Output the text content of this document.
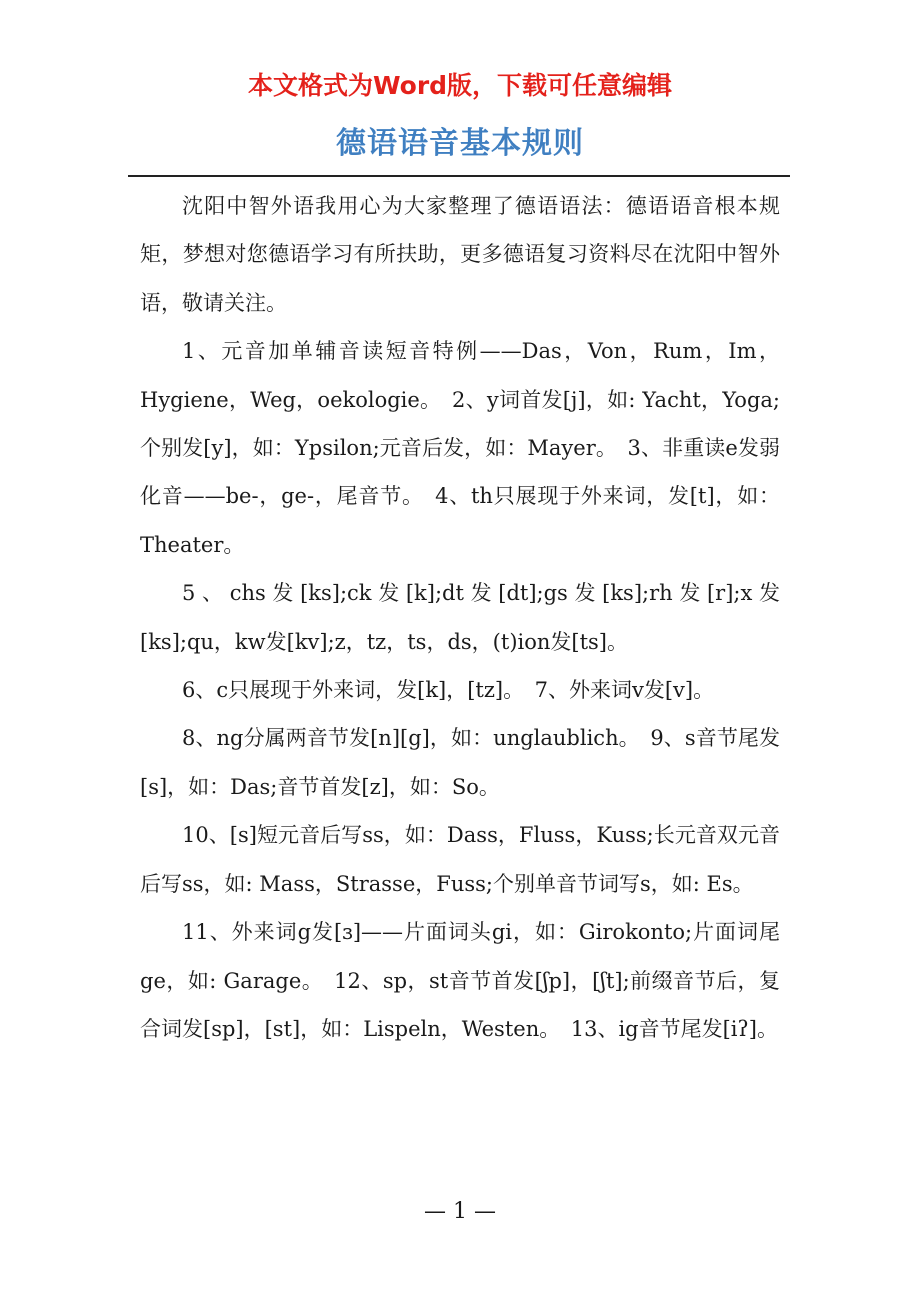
本文格式为Word版，下载可任意编辑
德语语音基本规则

沈阳中智外语我用心为大家整理了德语语法：德语语音根本规矩，梦想对您德语学习有所扶助，更多德语复习资料尽在沈阳中智外语，敬请关注。

1、元音加单辅音读短音特例——Das，Von，Rum，Im，Hygiene，Weg，oekologie。　2、y词首发[j]，如: Yacht，Yoga;个别发[y]，如：Ypsilon;元音后发，如：Mayer。　3、非重读e发弱化音——be-，ge-，尾音节。　4、th只展现于外来词，发[t]，如：Theater。

5、chs发[ks];ck发[k];dt发[dt];gs发[ks];rh发[r];x发[ks];qu，kw发[kv];z，tz，ts，ds，(t)ion发[ts]。

6、c只展现于外来词，发[k]，[tz]。　7、外来词v发[v]。

8、ng分属两音节发[n][g]，如：unglaublich。　9、s音节尾发[s]，如：Das;音节首发[z]，如：So。

10、[s]短元音后写ss，如：Dass，Fluss，Kuss;长元音双元音后写ss，如: Mass，Strasse，Fuss;个别单音节词写s，如: Es。

11、外来词g发[ɜ]——片面词头gi，如：Girokonto;片面词尾ge，如: Garage。　12、sp，st音节首发[ʃp]，[ʃt];前缀音节后，复合词发[sp]，[st]，如：Lispeln，Westen。　13、ig音节尾发[iʔ]。

— 1 —
